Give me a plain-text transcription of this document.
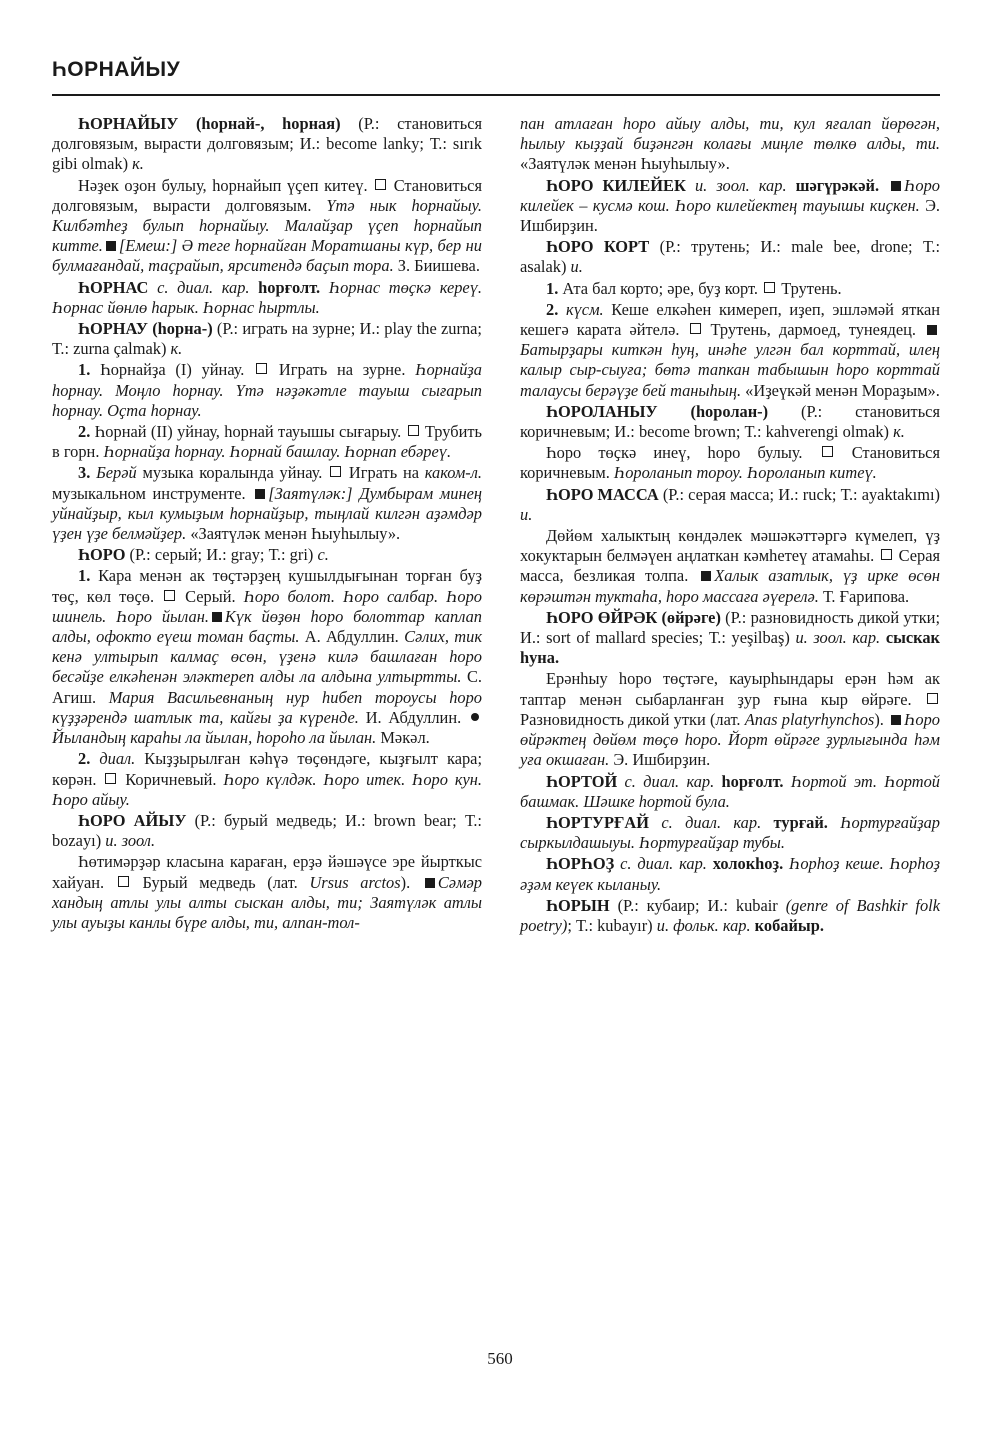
ҺОРНАЙЫУ

ҺОРНАЙЫУ (һорнай-, һорная) (Р.: становиться долговязым, вырасти долговязым; И.: become lanky; Т.: sırık gibi olmak) к.

Нәҙек оҙон булыу, һорнайып үҫеп китеү.  Становиться долговязым, вырасти долговязым. Үтә нык һорнайыу. Килбәтһеҙ булып һорнайыу. Малайҙар үҫеп һорнайып китте. [Емеш:] Ә теге һорнайған Моратшаны күр, бер ни булмағандай, таҫрайып, ярситендә баҫып тора. З. Биишева.

ҺОРНАС с. диал. кар. һорғолт. Һорнас төҫкә кереү. Һорнас йөнлө һарык. Һорнас һыртлы.

ҺОРНАУ (һорна-) (Р.: играть на зурне; И.: play the zurna; Т.: zurna çalmak) к.

1. Һорнайҙа (I) уйнау.  Играть на зурне. Һорнайҙа һорнау. Моңло һорнау. Үтә нәҙәкәтле тауыш сығарып һорнау. Оҫта һорнау.

2. Һорнай (II) уйнау, һорнай тауышы сығарыу.  Трубить в горн. Һорнайҙа һорнау. Һорнай башлау. Һорнап ебәреү.

3. Берәй музыка коралында уйнау.  Играть на каком-л. музыкальном инструменте. [Заятүләк:] Думбырам минең уйнайҙыр, кыл кумыҙым һорнайҙыр, тыңлай килгән аҙәмдәр үҙен үҙе белмәйҙер. «Заятүләк менән Һыуһылыу».

ҺОРО (Р.: серый; И.: gray; Т.: gri) с.

1. Кара менән ак төҫтәрҙең кушылдығынан торған буҙ төҫ, көл төҫө.  Серый. Һоро болот. Һоро салбар. Һоро шинель. Һоро йылан. Күк йөҙөн һоро болоттар каплап алды, офокто еүеш томан баҫты. А. Абдуллин. Сәлих, тик кенә ултырып калмаҫ өсөн, үҙенә килә башлаған һоро бесәйҙе елкәһенән эләктереп алды ла алдына ултыртты. С. Агиш. Мария Васильевнаның нур һибеп тороусы һоро күҙҙәрендә шатлык та, кайғы ҙа күренде. И. Абдуллин. Йыландың караһы ла йылан, һороһо ла йылан. Мәкәл.

2. диал. Кыҙҙырылған кәһүә төҫөндәге, кыҙғылт кара; көрән.  Коричневый. Һоро күлдәк. Һоро итек. Һоро кун. Һоро айыу.

ҺОРО АЙЫУ (Р.: бурый медведь; И.: brown bear; Т.: bozayı) и. зоол.

Һөтимәрҙәр класына караған, ерҙә йәшәүсе эре йырткыс хайуан.  Бурый медведь (лат. Ursus arctos). Сәмәр хандың атлы улы алты сыскан алды, ти; Заятүләк атлы улы ауыҙы канлы бүре алды, ти, алпан-тол-

пан атлаған һоро айыу алды, ти, кул яғалап йөрөгән, һылыу кыҙҙай биҙәнгән колағы миңле төлкө алды, ти. «Заятүләк менән Һыуһылыу».

ҺОРО КИЛЕЙЕК и. зоол. кар. шәгүрәкәй. Һоро килейек – кусмә кош. Һоро килейектең тауышы киҫкен. Э. Ишбирҙин.

ҺОРО КОРТ (Р.: трутень; И.: male bee, drone; Т.: asalak) и.

1. Ата бал корто; әре, буҙ корт.  Трутень.

2. күсм. Кеше елкәһен кимереп, иҙеп, эшләмәй яткан кешегә карата әйтелә.  Трутень, дармоед, тунеядец. Батырҙары киткән һуң, инәһе улгән бал корттай, илең калыр сыр-сыуға; бөтә тапкан табышын һоро корттай талаусы берәүҙе бей таныһың. «Иҙеүкәй менән Мораҙым».

ҺОРОЛАНЫУ (һоролан-) (Р.: становиться коричневым; И.: become brown; Т.: kahverengi olmak) к.

Һоро төҫкә инеү, һоро булыу.  Становиться коричневым. Һороланып тороу. Һороланып китеү.

ҺОРО МАССА (Р.: серая масса; И.: ruck; Т.: ayaktakımı) и.

Дөйөм халыктың көндәлек мәшәкәттәргә күмелеп, үҙ хокуктарын белмәүен аңлаткан кәмһетеү атамаһы.  Серая масса, безликая толпа. Халык азатлык, үҙ ирке өсөн көрәштән туктаһа, һоро массаға әүерелә. Т. Ғарипова.

ҺОРО ӨЙРӘК (өйрәге) (Р.: разновидность дикой утки; И.: sort of mallard species; Т.: yeşilbaş) и. зоол. кар. сыскак һуна.

Ерәнһыу һоро төҫтәге, кауырһындары ерән һәм ак таптар менән сыбарланған ҙур ғына кыр өйрәге.  Разновидность дикой утки (лат. Anas platyrhynchos). Һоро өйрәктең дөйөм төҫө һоро. Йорт өйрәге ҙурлығында һәм уға окшаған. Э. Ишбирҙин.

ҺОРТОЙ с. диал. кар. һорғолт. Һортой эт. Һортой башмак. Шәшке һортой була.

ҺОРТУРҒАЙ с. диал. кар. турғай. Һортурғайҙар сыркылдашыуы. Һортурғайҙар тубы.

ҺОРҺОҘ с. диал. кар. холокһоҙ. Һорһоҙ кеше. Һорһоҙ әҙәм кеүек кыланыу.

ҺОРЫН (Р.: кубаир; И.: kubair (genre of Bashkir folk poetry); Т.: kubayır) и. фольк. кар. кобайыр.

560
